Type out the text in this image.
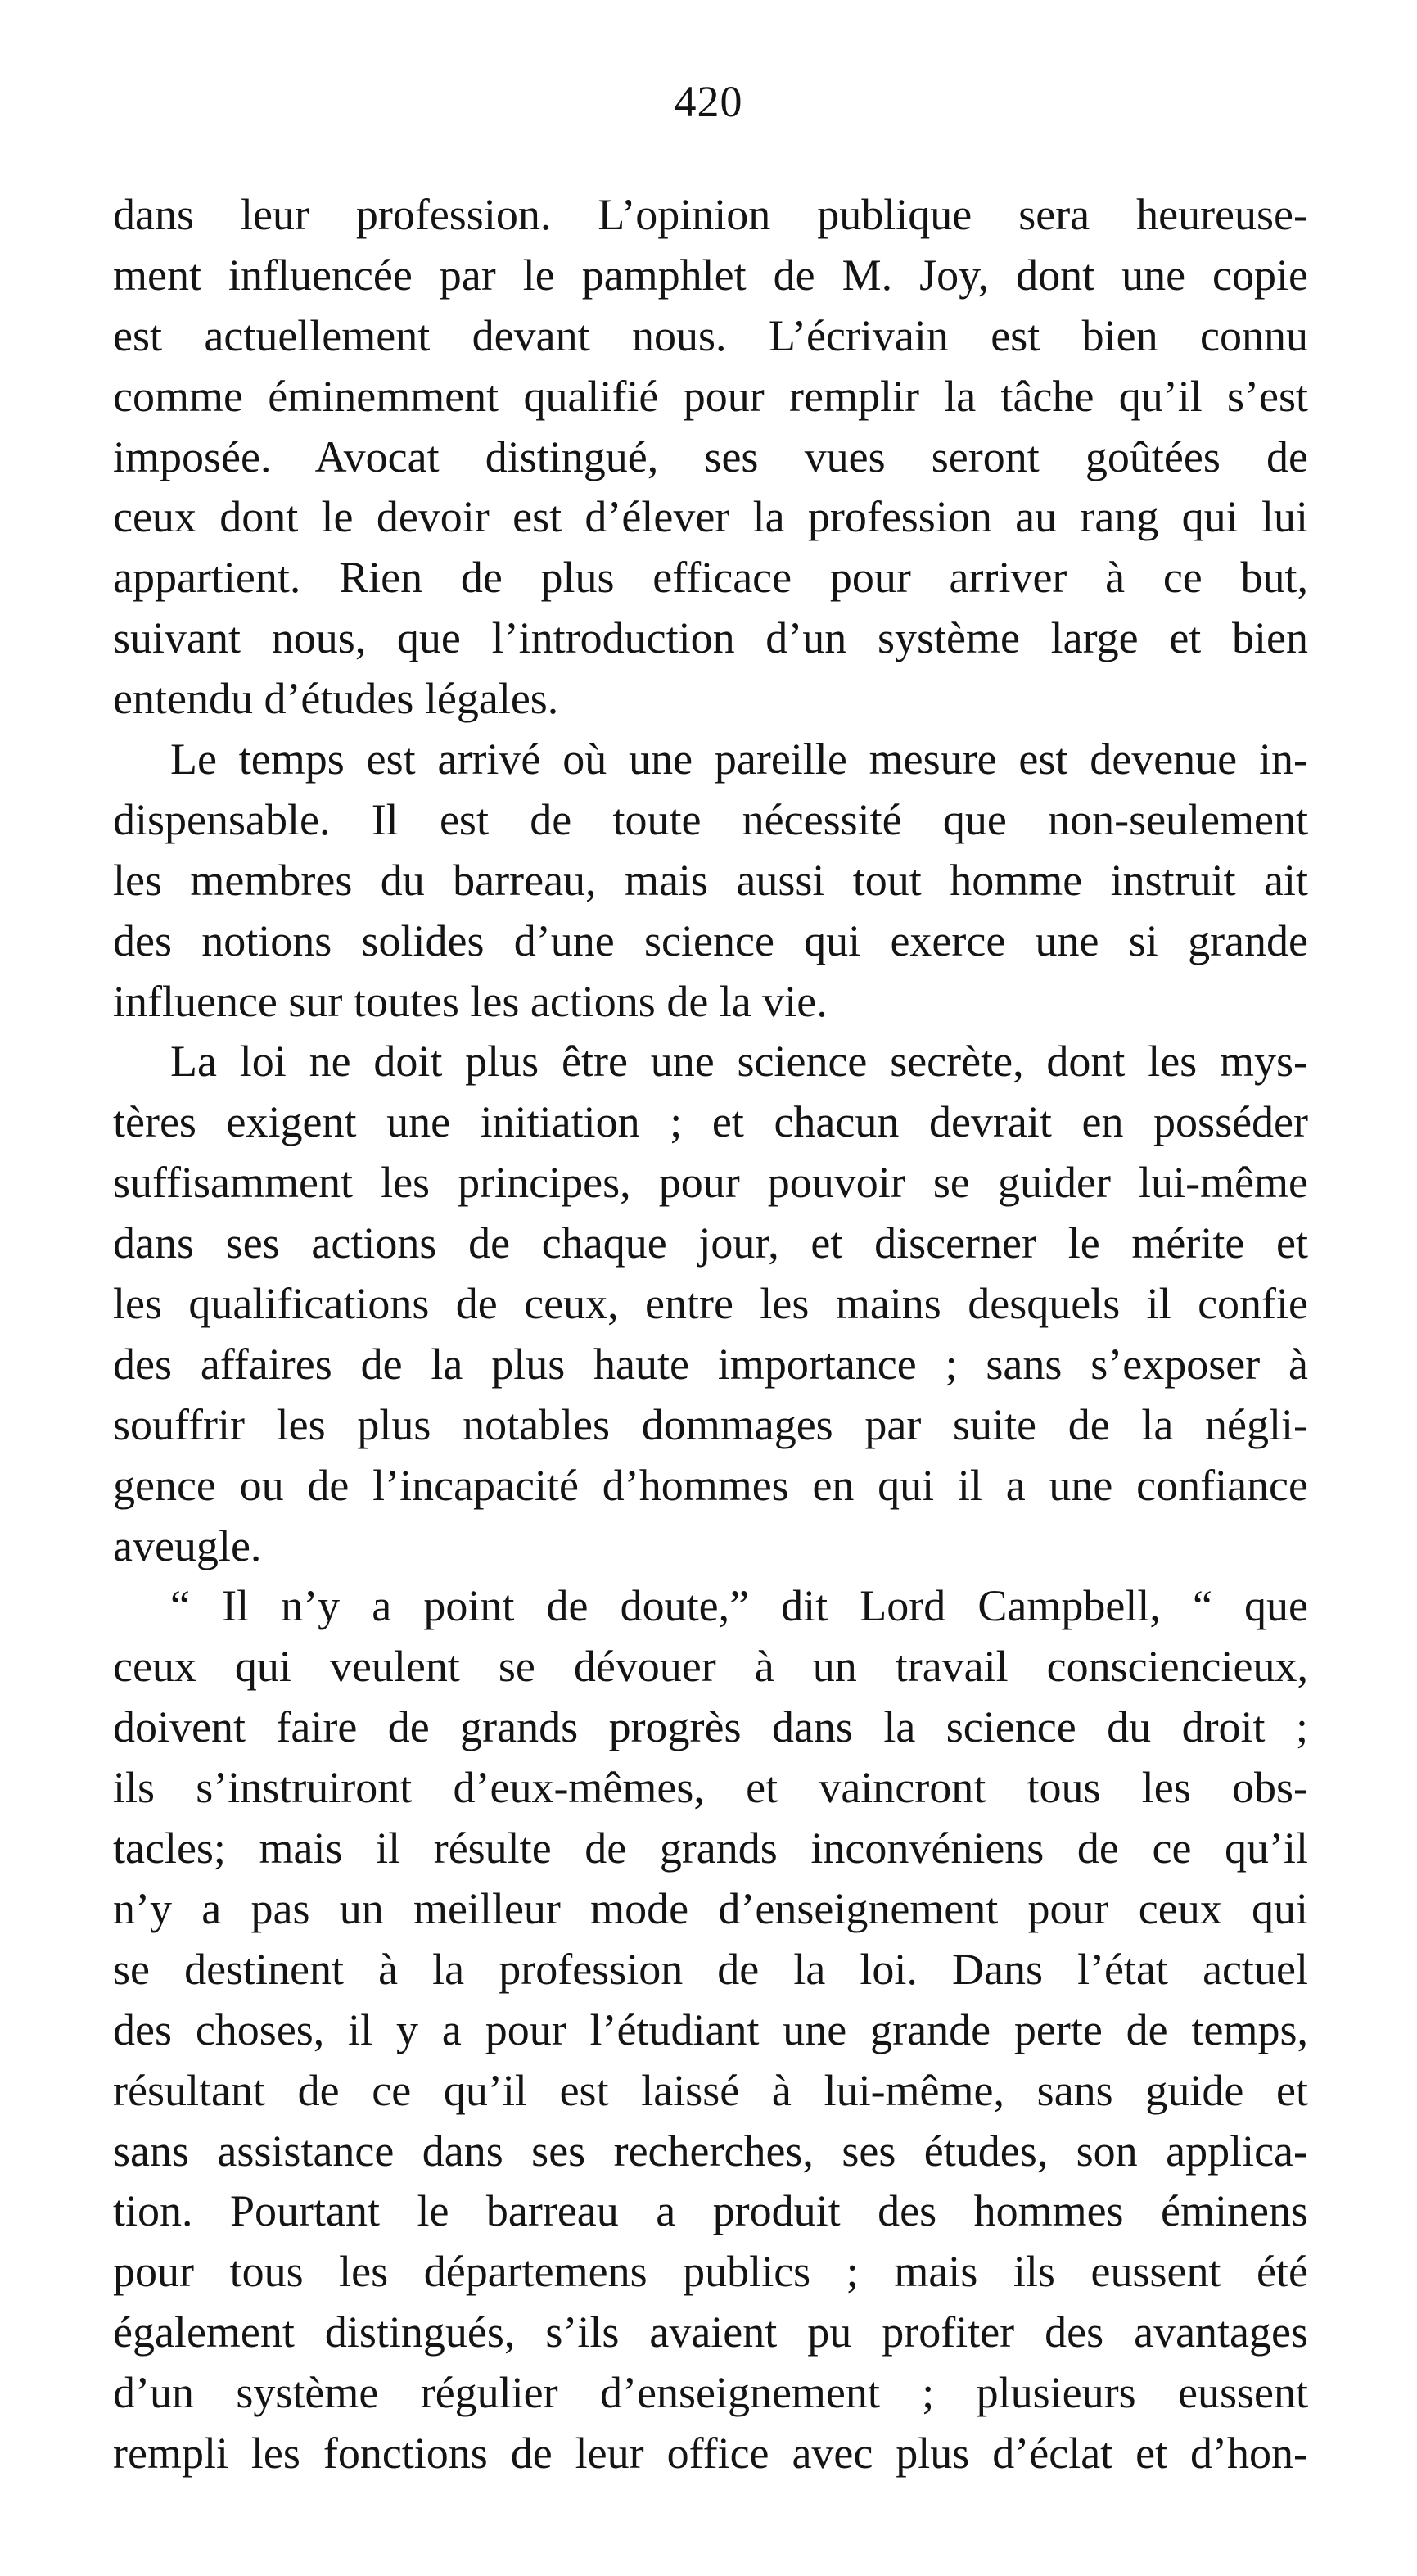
420
dans leur profession. L’opinion publique sera heureuse-
ment influencée par le pamphlet de M. Joy, dont une copie
est actuellement devant nous. L’écrivain est bien connu
comme éminemment qualifié pour remplir la tâche qu’il s’est
imposée. Avocat distingué, ses vues seront goûtées de
ceux dont le devoir est d’élever la profession au rang qui lui
appartient. Rien de plus efficace pour arriver à ce but,
suivant nous, que l’introduction d’un système large et bien
entendu d’études légales.
Le temps est arrivé où une pareille mesure est devenue in-
dispensable. Il est de toute nécessité que non-seulement
les membres du barreau, mais aussi tout homme instruit ait
des notions solides d’une science qui exerce une si grande
influence sur toutes les actions de la vie.
La loi ne doit plus être une science secrète, dont les mys-
tères exigent une initiation ; et chacun devrait en posséder
suffisamment les principes, pour pouvoir se guider lui-même
dans ses actions de chaque jour, et discerner le mérite et
les qualifications de ceux, entre les mains desquels il confie
des affaires de la plus haute importance ; sans s’exposer à
souffrir les plus notables dommages par suite de la négli-
gence ou de l’incapacité d’hommes en qui il a une confiance
aveugle.
“ Il n’y a point de doute,” dit Lord Campbell, “ que
ceux qui veulent se dévouer à un travail consciencieux,
doivent faire de grands progrès dans la science du droit ;
ils s’instruiront d’eux-mêmes, et vaincront tous les obs-
tacles; mais il résulte de grands inconvéniens de ce qu’il
n’y a pas un meilleur mode d’enseignement pour ceux qui
se destinent à la profession de la loi. Dans l’état actuel
des choses, il y a pour l’étudiant une grande perte de temps,
résultant de ce qu’il est laissé à lui-même, sans guide et
sans assistance dans ses recherches, ses études, son applica-
tion. Pourtant le barreau a produit des hommes éminens
pour tous les départemens publics ; mais ils eussent été
également distingués, s’ils avaient pu profiter des avantages
d’un système régulier d’enseignement ; plusieurs eussent
rempli les fonctions de leur office avec plus d’éclat et d’hon-
